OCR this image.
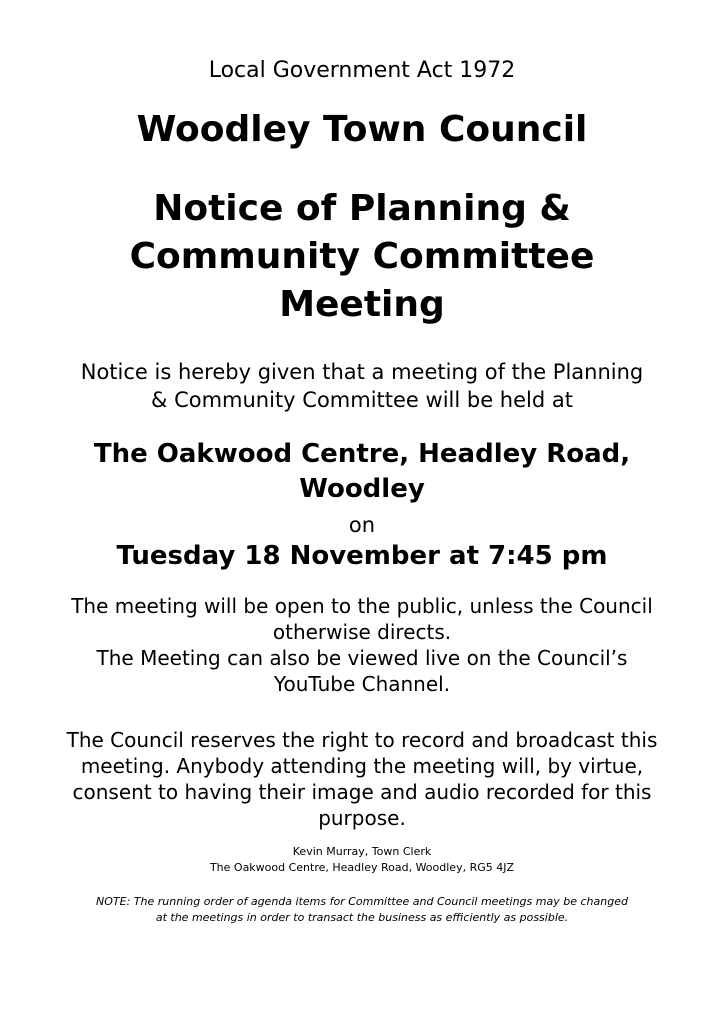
Local Government Act 1972

Woodley Town Council
Notice of Planning &
Community Committee
Meeting

Notice is hereby given that a meeting of the Planning
& Community Committee will be held at

The Oakwood Centre, Headley Road,
Woodley

on

Tuesday 18 November at 7:45 pm

The meeting will be open to the public, unless the Council
otherwise directs.
The Meeting can also be viewed live on the Council’s
YouTube Channel.

The Council reserves the right to record and broadcast this
meeting. Anybody attending the meeting will, by virtue,
consent to having their image and audio recorded for this
purpose.

Kevin Murray, Town Clerk
The Oakwood Centre, Headley Road, Woodley, RG5 4JZ

NOTE: The running order of agenda items for Committee and Council meetings may be changed
at the meetings in order to transact the business as efficiently as possible.
